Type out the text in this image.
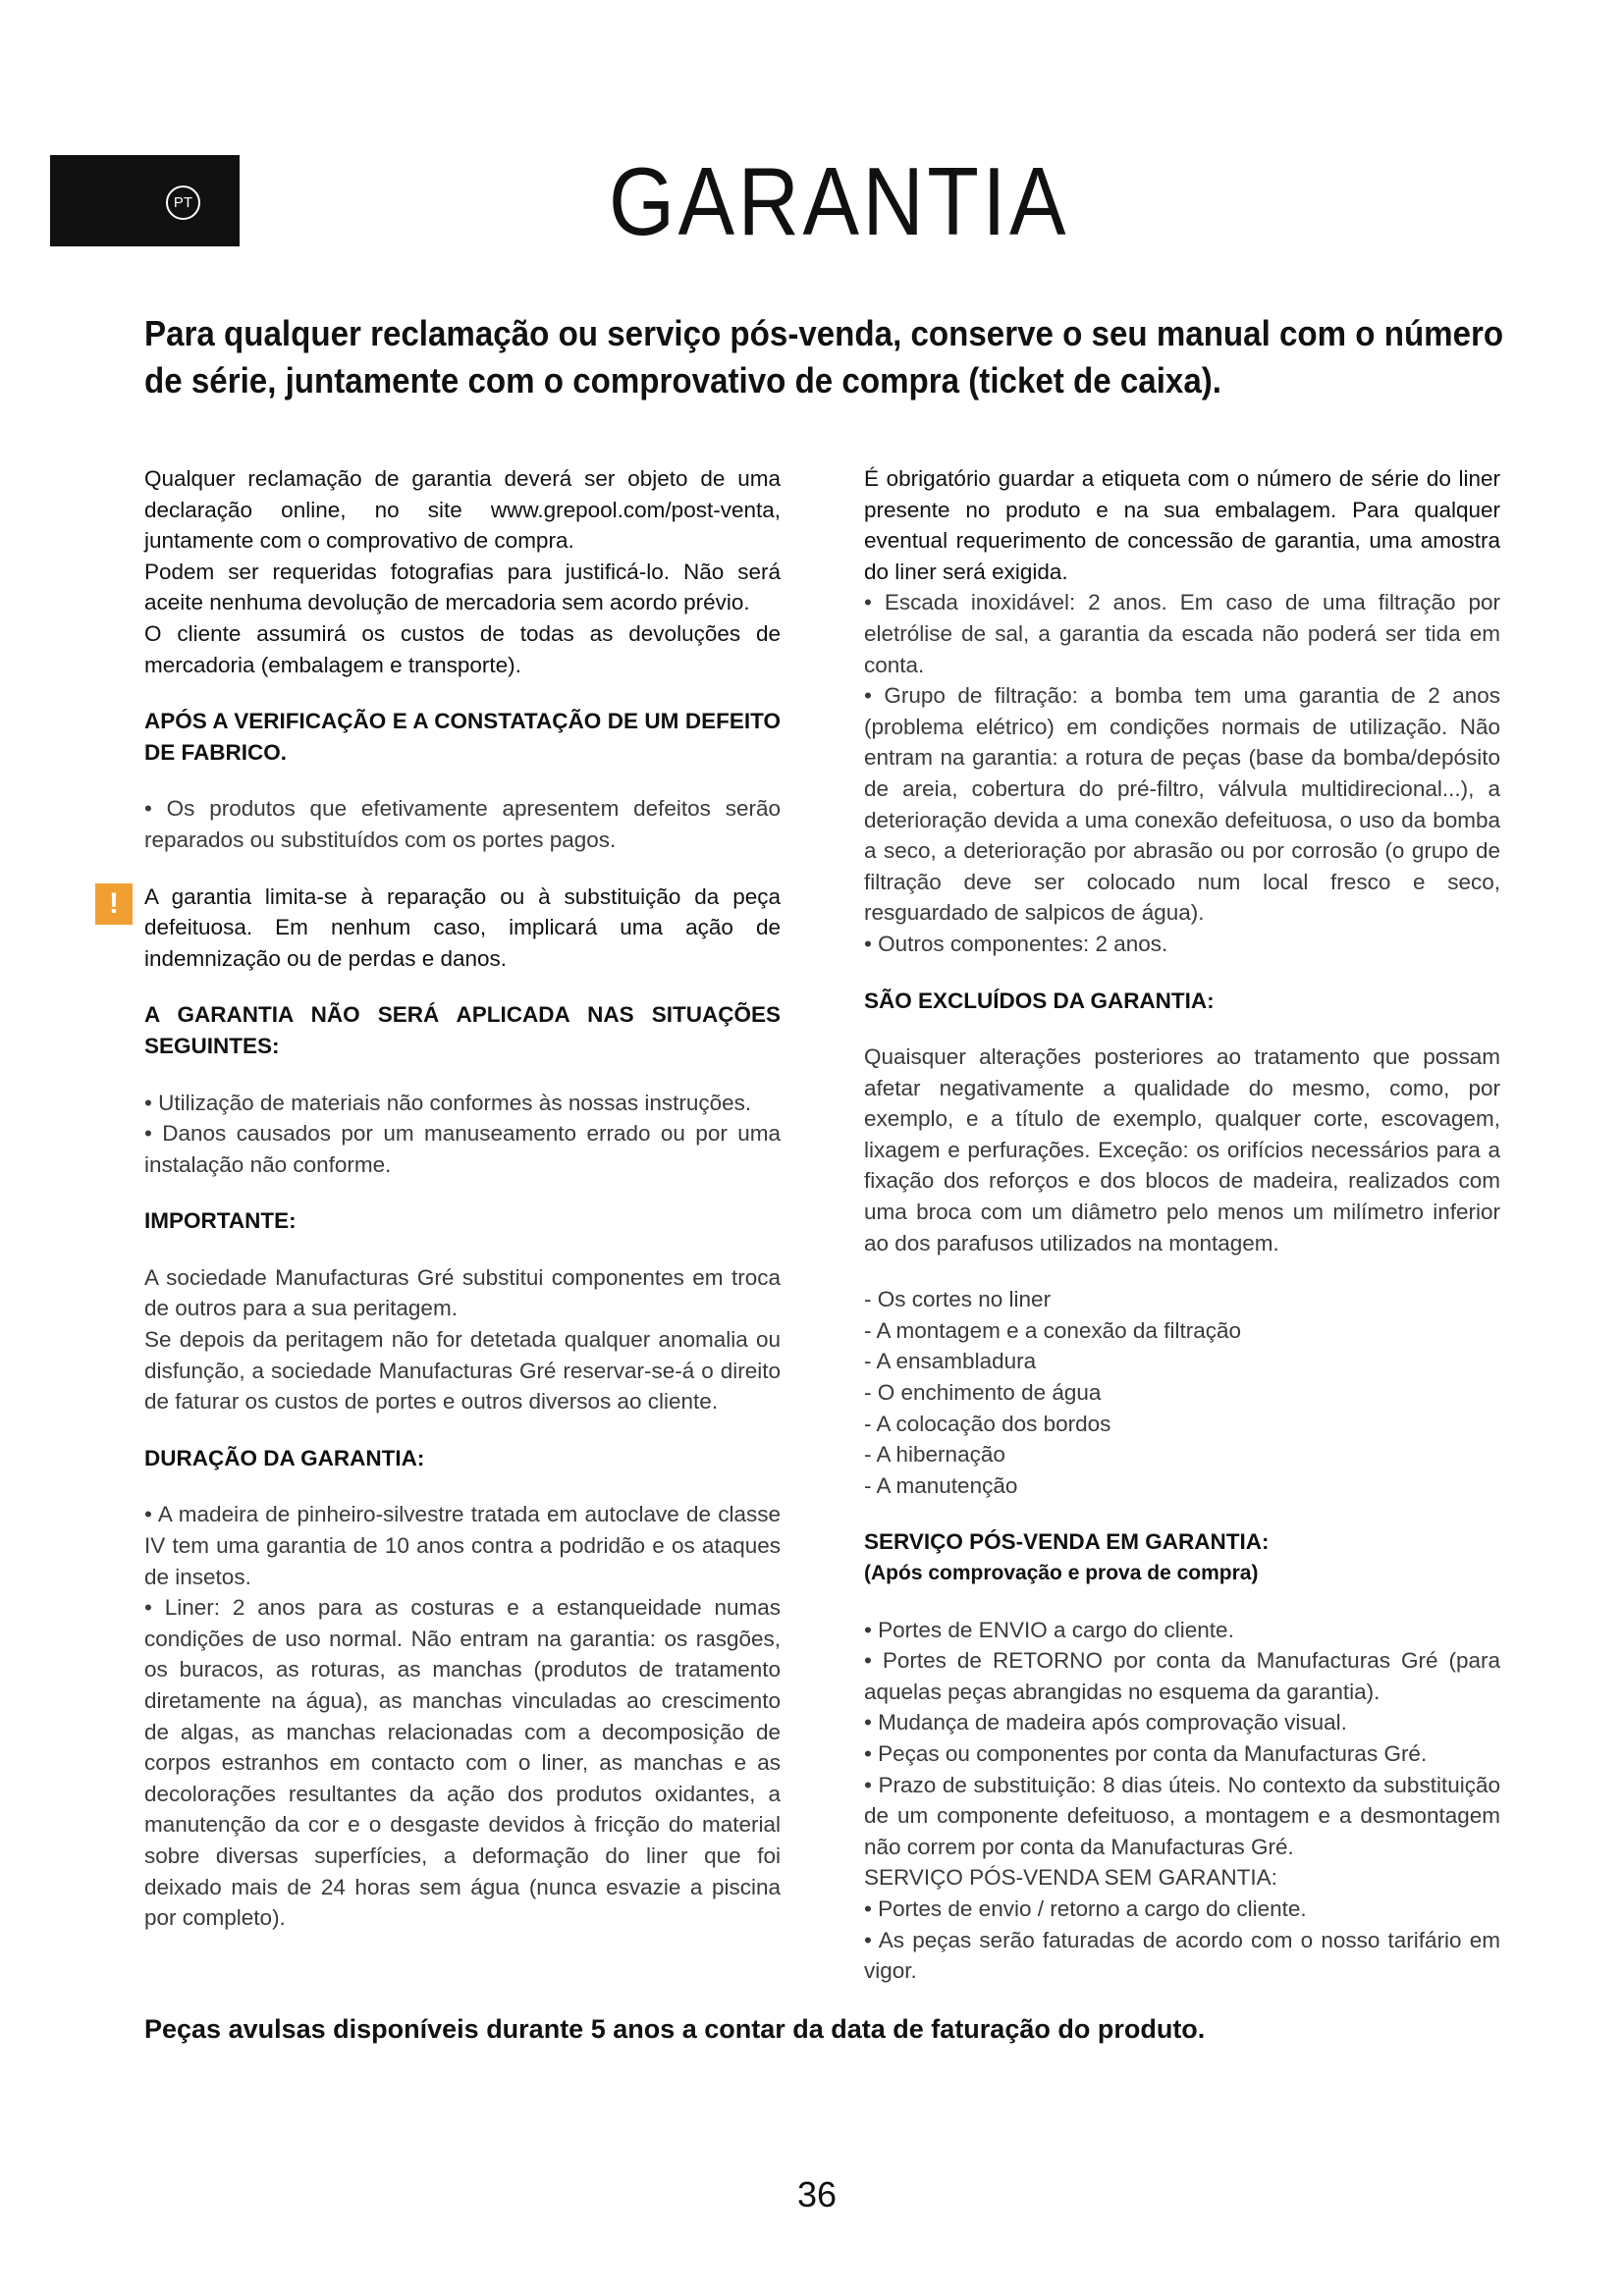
PT	GARANTIA

Para qualquer reclamação ou serviço pós-venda, conserve o seu manual com o número de série, juntamente com o comprovativo de compra (ticket de caixa).

Qualquer reclamação de garantia deverá ser objeto de uma declaração online, no site www.grepool.com/post-venta, juntamente com o comprovativo de compra.

Podem ser requeridas fotografias para justificá-lo. Não será aceite nenhuma devolução de mercadoria sem acordo prévio.

O cliente assumirá os custos de todas as devoluções de mercadoria (embalagem e transporte).

APÓS A VERIFICAÇÃO E A CONSTATAÇÃO DE UM DEFEITO DE FABRICO.

• Os produtos que efetivamente apresentem defeitos serão reparados ou substituídos com os portes pagos.

!	A garantia limita-se à reparação ou à substituição da peça defeituosa. Em nenhum caso, implicará uma ação de indemnização ou de perdas e danos.

A GARANTIA NÃO SERÁ APLICADA NAS SITUAÇÕES SEGUINTES:

• Utilização de materiais não conformes às nossas instruções.

• Danos causados por um manuseamento errado ou por uma instalação não conforme.

IMPORTANTE:

A sociedade Manufacturas Gré substitui componentes em troca de outros para a sua peritagem.

Se depois da peritagem não for detetada qualquer anomalia ou disfunção, a sociedade Manufacturas Gré reservar-se-á o direito de faturar os custos de portes e outros diversos ao cliente.

DURAÇÃO DA GARANTIA:

• A madeira de pinheiro-silvestre tratada em autoclave de classe IV tem uma garantia de 10 anos contra a podridão e os ataques de insetos.

• Liner: 2 anos para as costuras e a estanqueidade numas condições de uso normal. Não entram na garantia: os rasgões, os buracos, as roturas, as manchas (produtos de tratamento diretamente na água), as manchas vinculadas ao crescimento de algas, as manchas relacionadas com a decomposição de corpos estranhos em contacto com o liner, as manchas e as decolorações resultantes da ação dos produtos oxidantes, a manutenção da cor e o desgaste devidos à fricção do material sobre diversas superfícies, a deformação do liner que foi deixado mais de 24 horas sem água (nunca esvazie a piscina por completo).

É obrigatório guardar a etiqueta com o número de série do liner presente no produto e na sua embalagem. Para qualquer eventual requerimento de concessão de garantia, uma amostra do liner será exigida.

• Escada inoxidável: 2 anos. Em caso de uma filtração por eletrólise de sal, a garantia da escada não poderá ser tida em conta.

• Grupo de filtração: a bomba tem uma garantia de 2 anos (problema elétrico) em condições normais de utilização. Não entram na garantia: a rotura de peças (base da bomba/depósito de areia, cobertura do pré-filtro, válvula multidirecional...), a deterioração devida a uma conexão defeituosa, o uso da bomba a seco, a deterioração por abrasão ou por corrosão (o grupo de filtração deve ser colocado num local fresco e seco, resguardado de salpicos de água).

• Outros componentes: 2 anos.

SÃO EXCLUÍDOS DA GARANTIA:

Quaisquer alterações posteriores ao tratamento que possam afetar negativamente a qualidade do mesmo, como, por exemplo, e a título de exemplo, qualquer corte, escovagem, lixagem e perfurações. Exceção: os orifícios necessários para a fixação dos reforços e dos blocos de madeira, realizados com uma broca com um diâmetro pelo menos um milímetro inferior ao dos parafusos utilizados na montagem.

- Os cortes no liner

- A montagem e a conexão da filtração

- A ensambladura

- O enchimento de água

- A colocação dos bordos

- A hibernação

- A manutenção

SERVIÇO PÓS-VENDA EM GARANTIA:
(Após comprovação e prova de compra)

• Portes de ENVIO a cargo do cliente.

• Portes de RETORNO por conta da Manufacturas Gré (para aquelas peças abrangidas no esquema da garantia).

• Mudança de madeira após comprovação visual.

• Peças ou componentes por conta da Manufacturas Gré.

• Prazo de substituição: 8 dias úteis. No contexto da substituição de um componente defeituoso, a montagem e a desmontagem não correm por conta da Manufacturas Gré.

SERVIÇO PÓS-VENDA SEM GARANTIA:

• Portes de envio / retorno a cargo do cliente.

• As peças serão faturadas de acordo com o nosso tarifário em vigor.

Peças avulsas disponíveis durante 5 anos a contar da data de faturação do produto.

36
